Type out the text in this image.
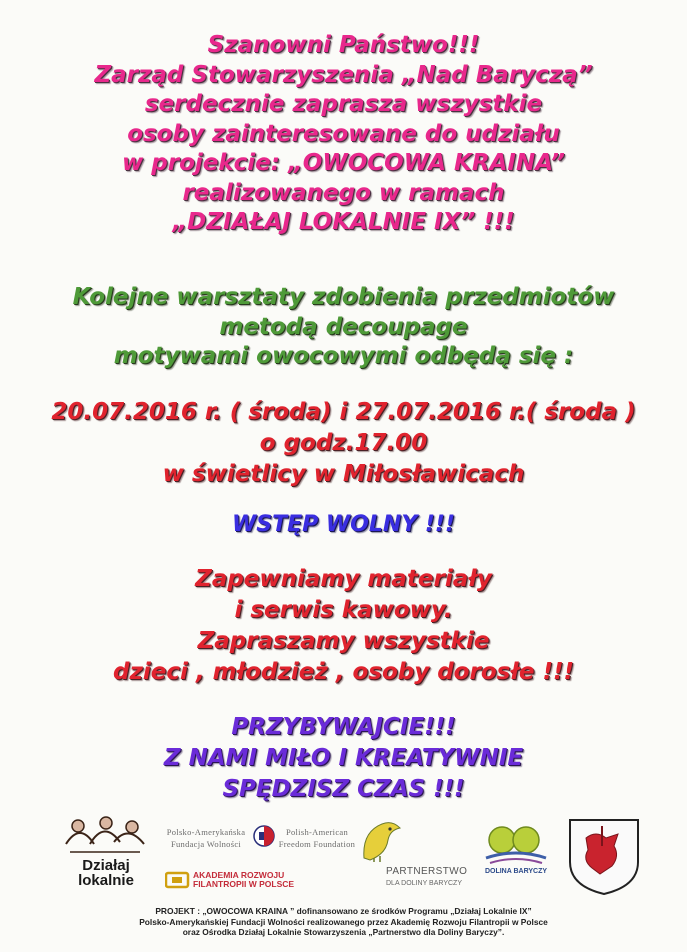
Szanowni Państwo!!!
Zarząd Stowarzyszenia „Nad Baryczą”
serdecznie zaprasza wszystkie
osoby zainteresowane do udziału
w projekcie: „OWOCOWA KRAINA”
realizowanego w ramach
„DZIAŁAJ LOKALNIE IX” !!!
Kolejne warsztaty zdobienia przedmiotów
metodą decoupage
motywami owocowymi odbędą się :
20.07.2016 r. ( środa) i 27.07.2016 r.( środa )
o godz.17.00
w świetlicy w Miłosławicach
WSTĘP WOLNY !!!
Zapewniamy materiały
i serwis kawowy.
Zapraszamy wszystkie
dzieci , młodzież , osoby dorosłe !!!
PRZYBYWAJCIE!!!
Z NAMI MIŁO I KREATYWNIE
SPĘDZISZ CZAS !!!
Działaj lokalnie
Polsko-Amerykańska
Fundacja Wolności
Polish-American
Freedom Foundation
AKADEMIA ROZWOJU
FILANTROPII W POLSCE
PARTNERSTWO
DLA DOLINY BARYCZY
DOLINA BARYCZY
PROJEKT : „OWOCOWA KRAINA ” dofinansowano ze środków Programu „Działaj Lokalnie IX”
Polsko-Amerykańskiej Fundacji Wolności realizowanego przez Akademię Rozwoju Filantropii w Polsce
oraz Ośrodka Działaj Lokalnie Stowarzyszenia „Partnerstwo dla Doliny Baryczy”.
